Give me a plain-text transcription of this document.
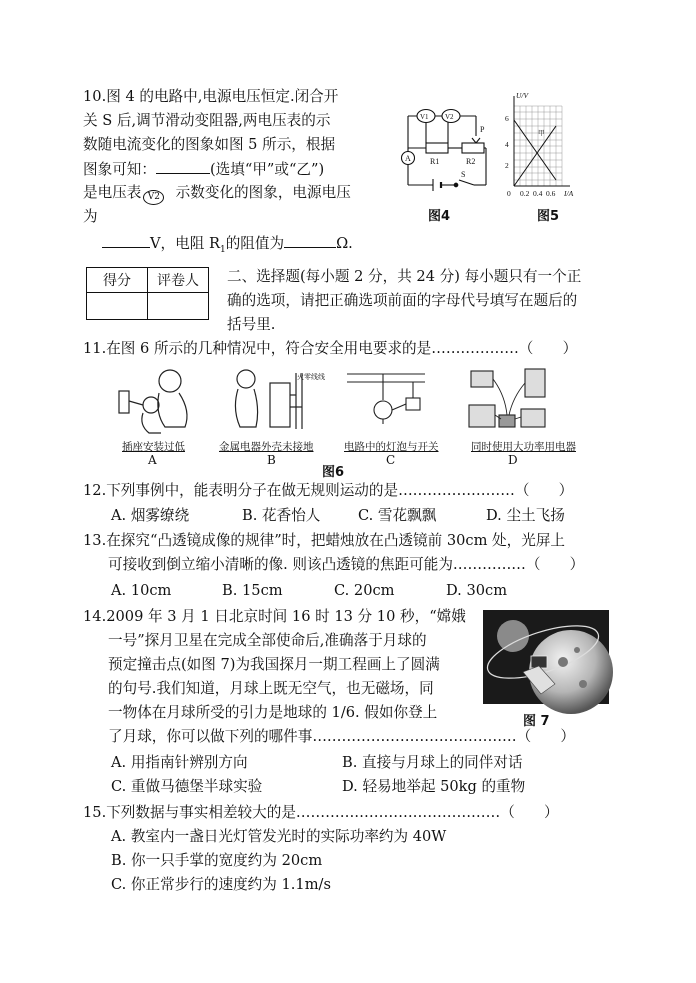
10.图 4 的电路中,电源电压恒定.闭合开
关 S 后,调节滑动变阻器,两电压表的示
数随电流变化的图象如图 5 所示，根据
图象可知：	(选填“甲”或“乙”)
是电压表 V2 示数变化的图象，电源电压
为
V，电阻 $R_1$的阻值为	Ω.
A
V1 V2
R1	R2
P
S
图4
U/V
6
4
2
0 0.2 0.4 0.6 I/A
甲
图5
得分	评卷人
	二、选择题(每小题 2 分，共 24 分) 每小题只有一个正
确的选项，请把正确选项前面的字母代号填写在题后的
括号里.
11.在图 6 所示的几种情况中，符合安全用电要求的是………………（　　）
火零线线
插座安装过低	金属电器外壳未接地	电路中的灯泡与开关	同时使用大功率用电器
A	B	C	D
图6
12.下列事例中，能表明分子在做无规则运动的是……………………（　　）
A. 烟雾缭绕	B. 花香怡人	C. 雪花飘飘	D. 尘土飞扬
13.在探究“凸透镜成像的规律”时，把蜡烛放在凸透镜前 30cm 处，光屏上
可接收到倒立缩小清晰的像. 则该凸透镜的焦距可能为……………（　　）
A. 10cm	B. 15cm	C. 20cm	D. 30cm
14.2009 年 3 月 1 日北京时间 16 时 13 分 10 秒，“嫦娥
一号”探月卫星在完成全部使命后,准确落于月球的
预定撞击点(如图 7)为我国探月一期工程画上了圆满
的句号.我们知道，月球上既无空气，也无磁场，同
一物体在月球所受的引力是地球的 1/6. 假如你登上
了月球，你可以做下列的哪件事……………………………………（　　）
图 7
A. 用指南针辨别方向	B. 直接与月球上的同伴对话
C. 重做马德堡半球实验	D. 轻易地举起 50kg 的重物
15.下列数据与事实相差较大的是……………………………………（　　）
A. 教室内一盏日光灯管发光时的实际功率约为 40W
B. 你一只手掌的宽度约为 20cm
C. 你正常步行的速度约为 1.1m/s
